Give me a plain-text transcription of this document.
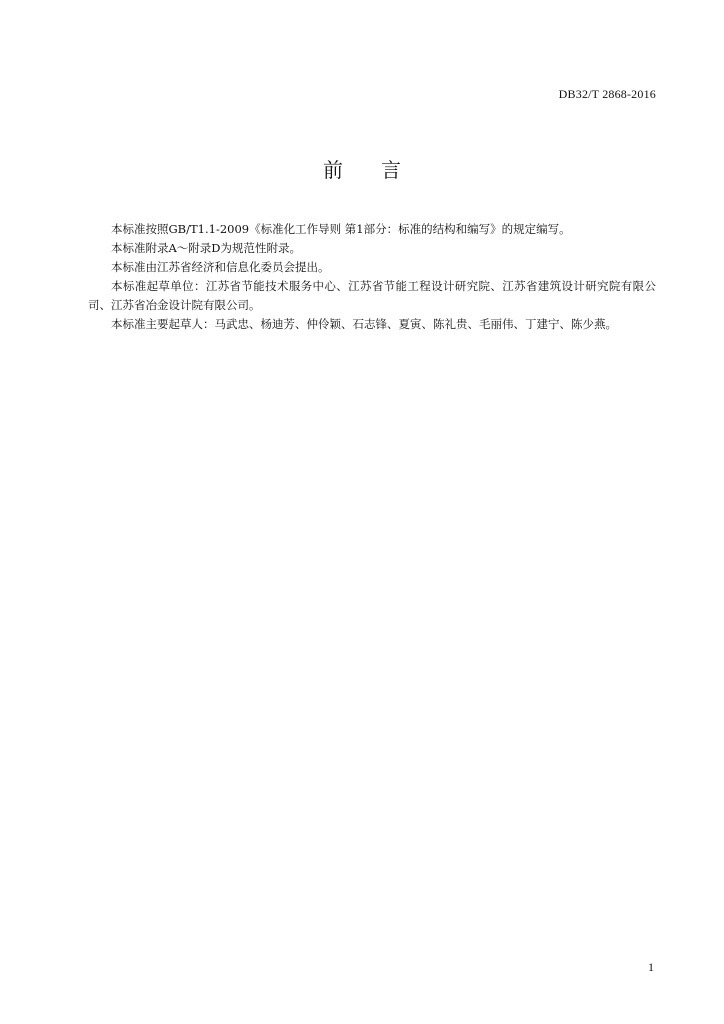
DB32/T 2868-2016
前言

本标准按照GB/T1.1-2009《标准化工作导则 第1部分：标准的结构和编写》的规定编写。

本标准附录A～附录D为规范性附录。

本标准由江苏省经济和信息化委员会提出。

本标准起草单位：江苏省节能技术服务中心、江苏省节能工程设计研究院、江苏省建筑设计研究院有限公司、江苏省冶金设计院有限公司。

本标准主要起草人：马武忠、杨迪芳、仲伶颖、石志锋、夏寅、陈礼贵、毛丽伟、丁建宁、陈少燕。

1
